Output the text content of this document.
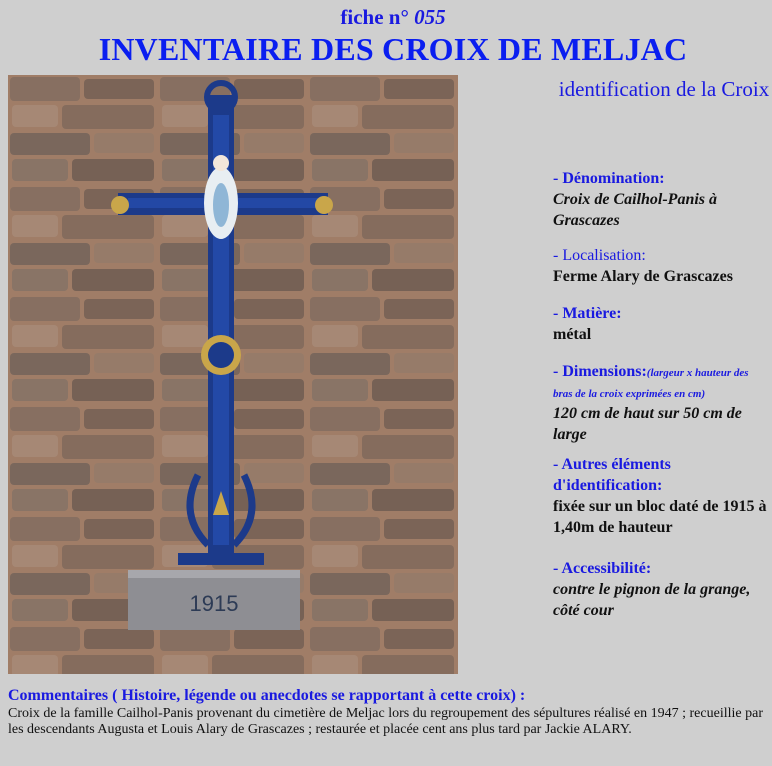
fiche n° 055
INVENTAIRE DES CROIX DE MELJAC
1915
identification de la Croix
- Dénomination:
Croix de Cailhol-Panis à Grascazes
- Localisation:
Ferme Alary de Grascazes
- Matière:
métal
- Dimensions:(largeur x hauteur des bras de la croix exprimées en cm)
120 cm de haut sur 50 cm de large
- Autres éléments d'identification:
fixée sur un bloc daté de 1915 à 1,40m de hauteur
- Accessibilité:
contre le pignon de la grange, côté cour
Commentaires ( Histoire, légende ou anecdotes se rapportant à cette croix) :
Croix de la famille Cailhol-Panis provenant du cimetière de Meljac lors du regroupement des sépultures réalisé en 1947 ; recueillie par les descendants Augusta et Louis Alary de Grascazes ; restaurée et placée cent ans plus tard par Jackie ALARY.
